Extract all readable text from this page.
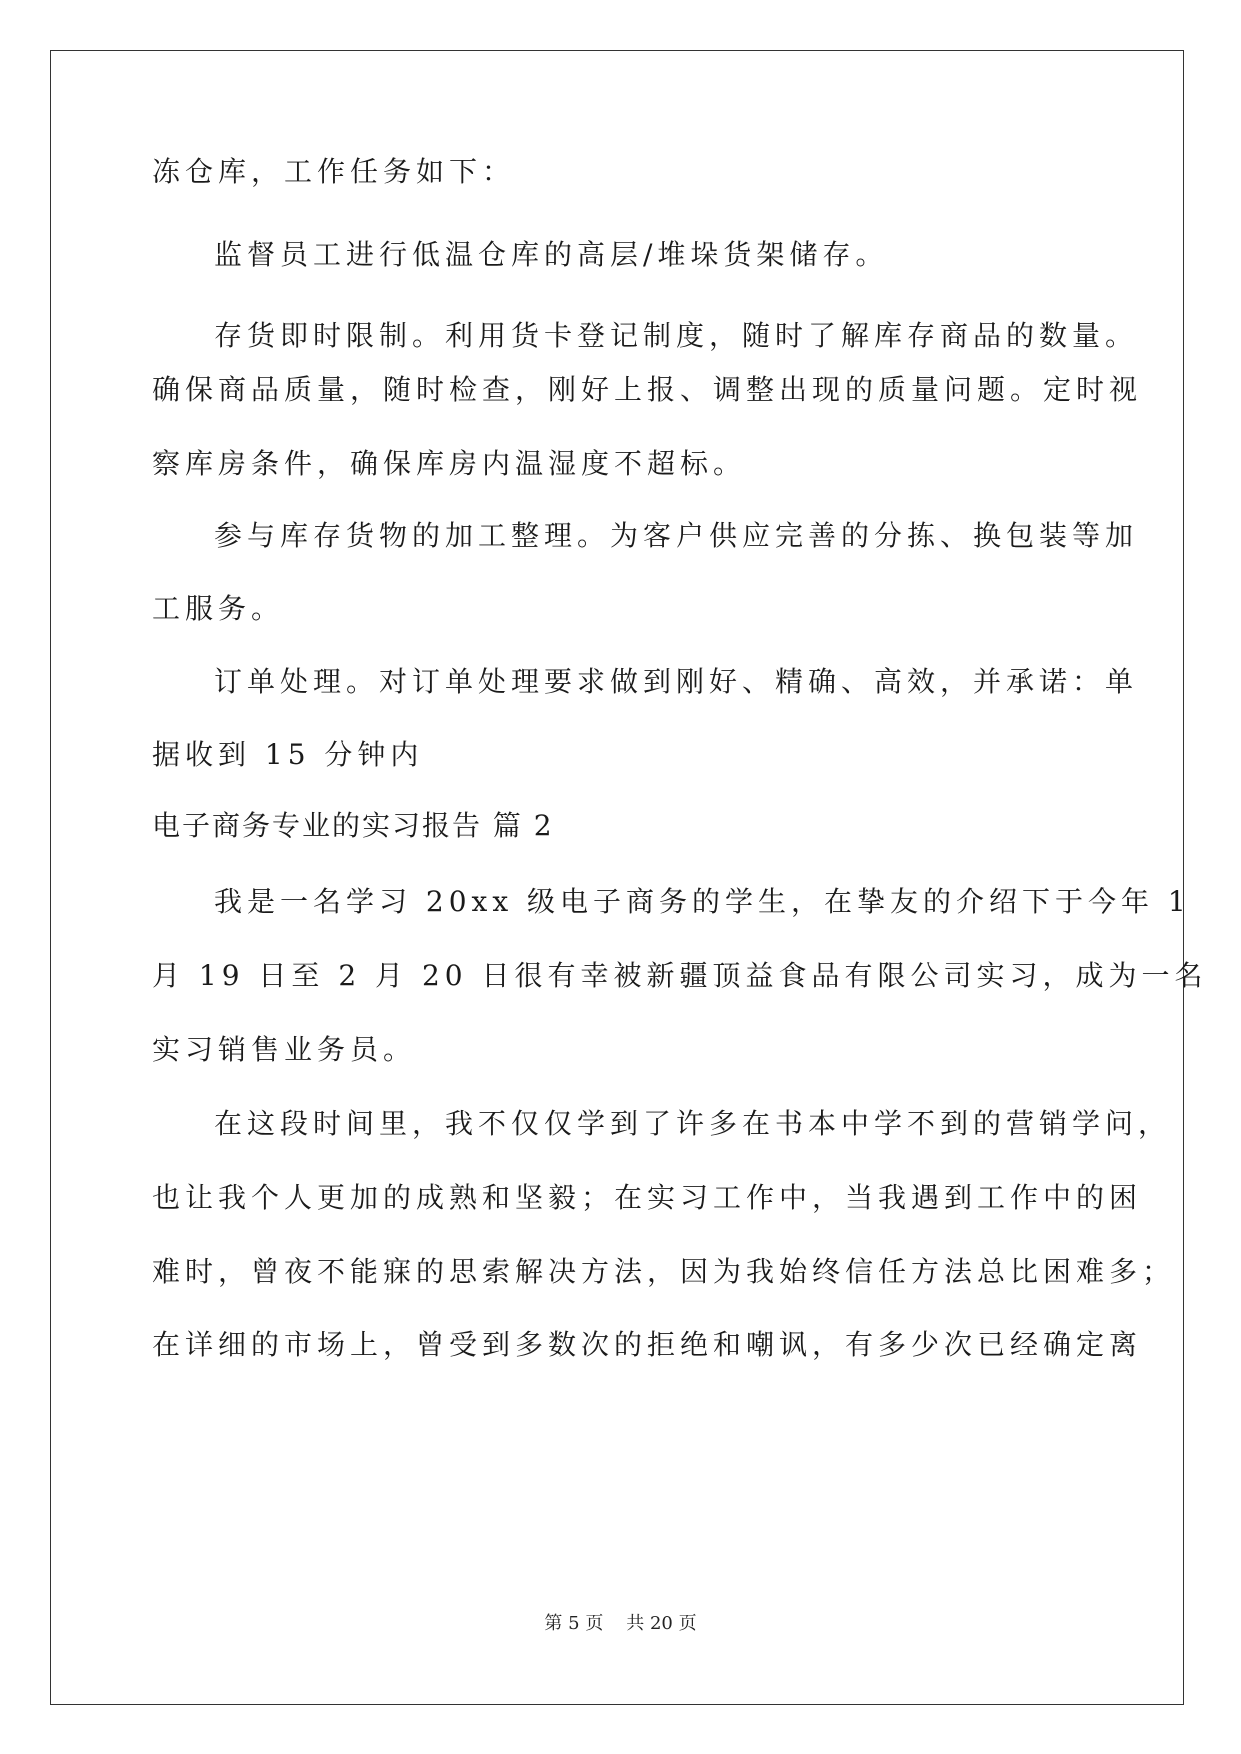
冻仓库，工作任务如下：
监督员工进行低温仓库的高层/堆垛货架储存。
存货即时限制。利用货卡登记制度，随时了解库存商品的数量。
确保商品质量，随时检查，刚好上报、调整出现的质量问题。定时视
察库房条件，确保库房内温湿度不超标。
参与库存货物的加工整理。为客户供应完善的分拣、换包装等加
工服务。
订单处理。对订单处理要求做到刚好、精确、高效，并承诺：单
据收到 15 分钟内
电子商务专业的实习报告 篇 2
我是一名学习 20xx 级电子商务的学生，在挚友的介绍下于今年 1
月 19 日至 2 月 20 日很有幸被新疆顶益食品有限公司实习，成为一名
实习销售业务员。
在这段时间里，我不仅仅学到了许多在书本中学不到的营销学问，
也让我个人更加的成熟和坚毅；在实习工作中，当我遇到工作中的困
难时，曾夜不能寐的思索解决方法，因为我始终信任方法总比困难多；
在详细的市场上，曾受到多数次的拒绝和嘲讽，有多少次已经确定离
第 5 页 共 20 页
